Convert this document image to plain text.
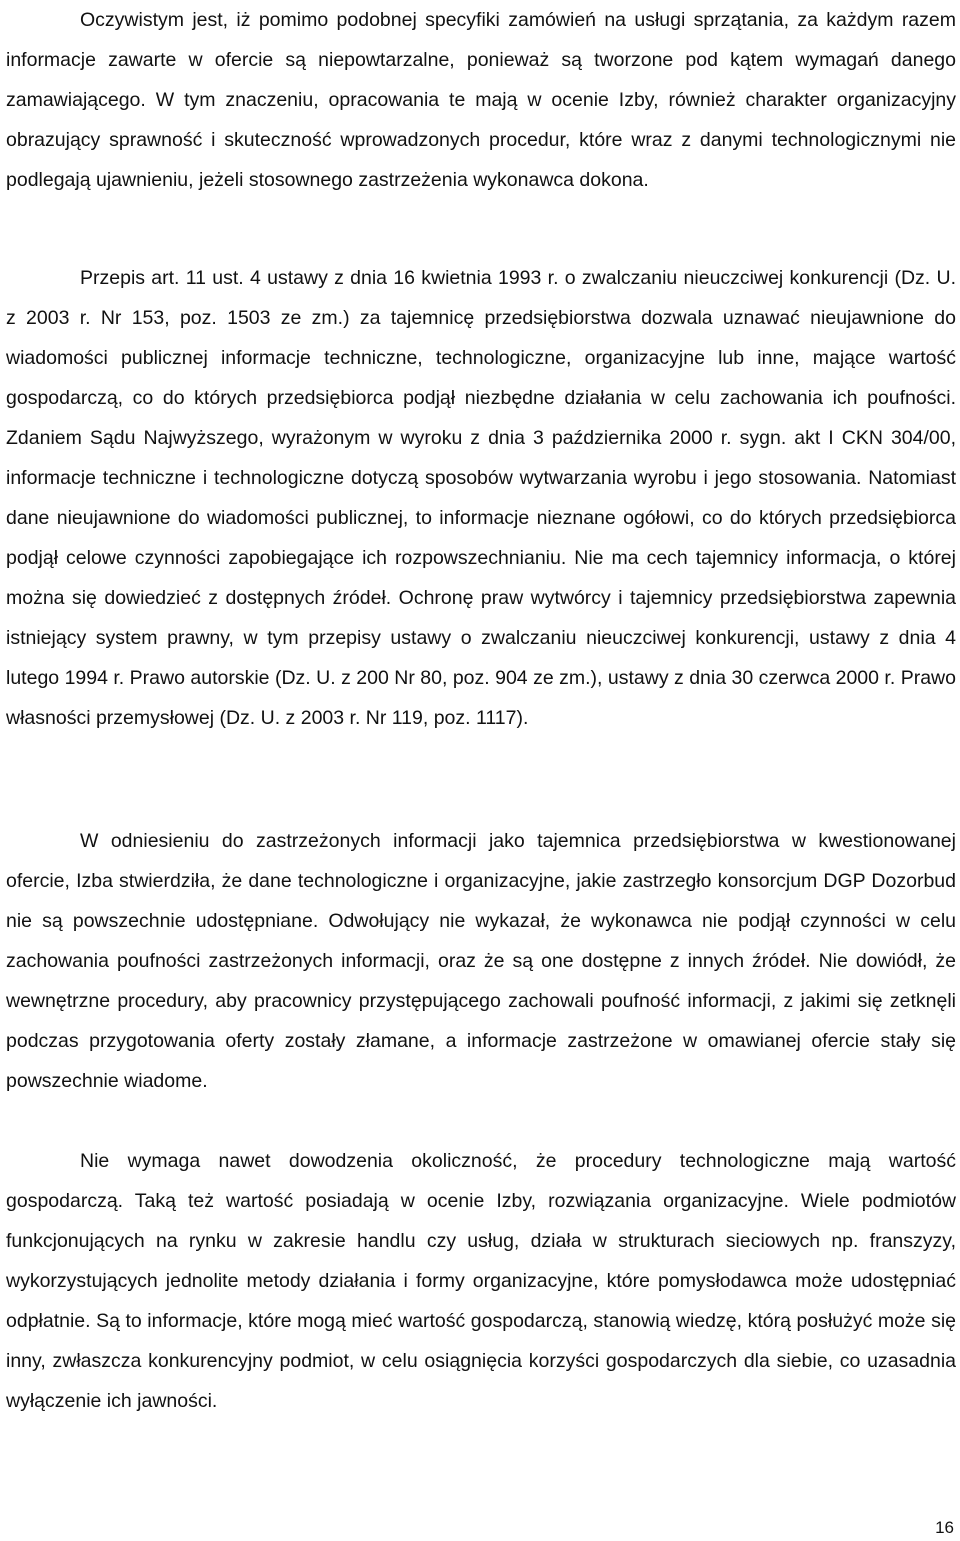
Oczywistym jest, iż pomimo podobnej specyfiki zamówień na usługi sprzątania, za każdym razem informacje zawarte w ofercie są niepowtarzalne, ponieważ są tworzone pod kątem wymagań danego zamawiającego. W tym znaczeniu, opracowania te mają w ocenie Izby, również charakter organizacyjny obrazujący sprawność i skuteczność wprowadzonych procedur, które wraz z danymi technologicznymi nie podlegają ujawnieniu, jeżeli stosownego zastrzeżenia wykonawca dokona.

Przepis art. 11 ust. 4 ustawy z dnia 16 kwietnia 1993 r. o zwalczaniu nieuczciwej konkurencji (Dz. U. z 2003 r. Nr 153, poz. 1503 ze zm.) za tajemnicę przedsiębiorstwa dozwala uznawać nieujawnione do wiadomości publicznej informacje techniczne, technologiczne, organizacyjne lub inne, mające wartość gospodarczą, co do których przedsiębiorca podjął niezbędne działania w celu zachowania ich poufności. Zdaniem Sądu Najwyższego, wyrażonym w wyroku z dnia 3 października 2000 r. sygn. akt I CKN 304/00, informacje techniczne i technologiczne dotyczą sposobów wytwarzania wyrobu i jego stosowania. Natomiast dane nieujawnione do wiadomości publicznej, to informacje nieznane ogółowi, co do których przedsiębiorca podjął celowe czynności zapobiegające ich rozpowszechnianiu. Nie ma cech tajemnicy informacja, o której można się dowiedzieć z dostępnych źródeł. Ochronę praw wytwórcy i tajemnicy przedsiębiorstwa zapewnia istniejący system prawny, w tym przepisy ustawy o zwalczaniu nieuczciwej konkurencji, ustawy z dnia 4 lutego 1994 r. Prawo autorskie (Dz. U. z 200 Nr 80, poz. 904 ze zm.), ustawy z dnia 30 czerwca 2000 r. Prawo własności przemysłowej (Dz. U. z 2003 r. Nr 119, poz. 1117).

W odniesieniu do zastrzeżonych informacji jako tajemnica przedsiębiorstwa w kwestionowanej ofercie, Izba stwierdziła, że dane technologiczne i organizacyjne, jakie zastrzegło konsorcjum DGP Dozorbud nie są powszechnie udostępniane. Odwołujący nie wykazał, że wykonawca nie podjął czynności w celu zachowania poufności zastrzeżonych informacji, oraz że są one dostępne z innych źródeł. Nie dowiódł, że wewnętrzne procedury, aby pracownicy przystępującego zachowali poufność informacji, z jakimi się zetknęli podczas przygotowania oferty zostały złamane, a informacje zastrzeżone w omawianej ofercie stały się powszechnie wiadome.

Nie wymaga nawet dowodzenia okoliczność, że procedury technologiczne mają wartość gospodarczą. Taką też wartość posiadają w ocenie Izby, rozwiązania organizacyjne. Wiele podmiotów funkcjonujących na rynku w zakresie handlu czy usług, działa w strukturach sieciowych np. franszyzy, wykorzystujących jednolite metody działania i formy organizacyjne, które pomysłodawca może udostępniać odpłatnie. Są to informacje, które mogą mieć wartość gospodarczą, stanowią wiedzę, którą posłużyć może się inny, zwłaszcza konkurencyjny podmiot, w celu osiągnięcia korzyści gospodarczych dla siebie, co uzasadnia wyłączenie ich jawności.

16
